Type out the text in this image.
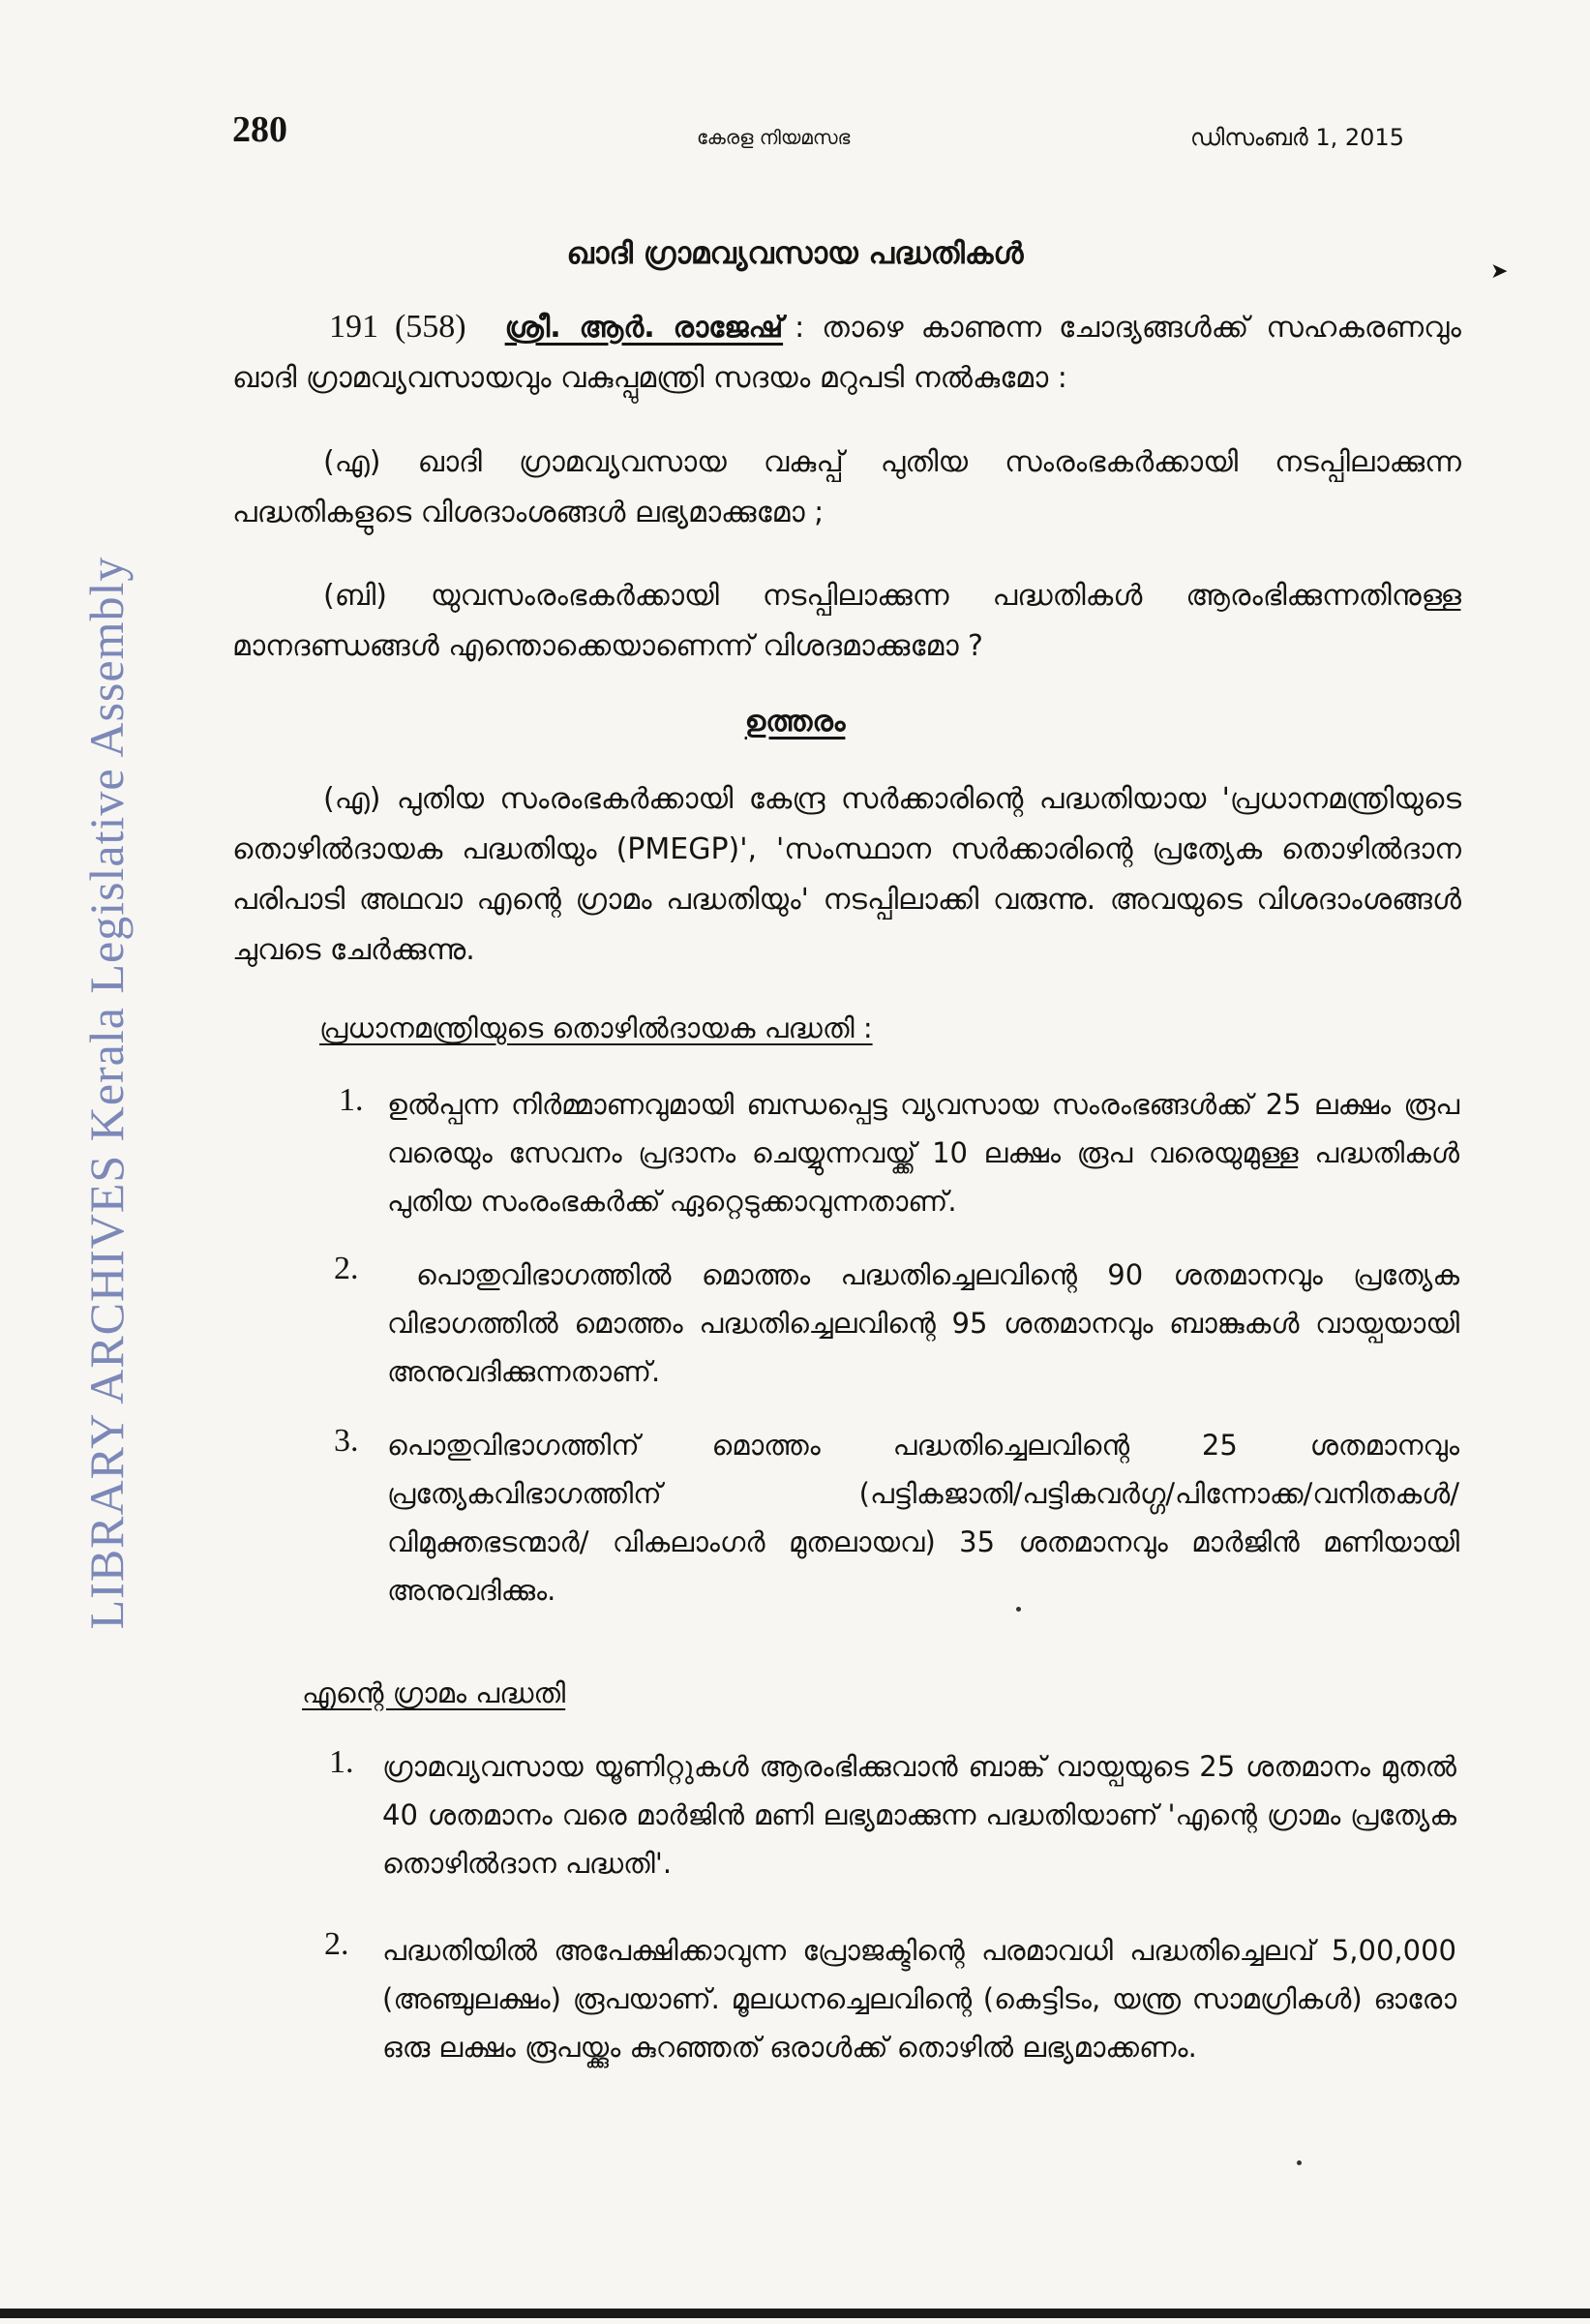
LIBRARY ARCHIVES Kerala Legislative Assembly
280	കേരള നിയമസഭ	ഡിസംബർ 1, 2015
ഖാദി ഗ്രാമവ്യവസായ പദ്ധതികൾ
➤
191 (558) ശ്രീ. ആർ. രാജേഷ് : താഴെ കാണുന്ന ചോദ്യങ്ങൾക്ക് സഹകരണവും ഖാദി ഗ്രാമവ്യവസായവും വകുപ്പുമന്ത്രി സദയം മറുപടി നൽകുമോ :
(എ) ഖാദി ഗ്രാമവ്യവസായ വകുപ്പ് പുതിയ സംരംഭകർക്കായി നടപ്പിലാക്കുന്ന പദ്ധതികളുടെ വിശദാംശങ്ങൾ ലഭ്യമാക്കുമോ ;
(ബി) യുവസംരംഭകർക്കായി നടപ്പിലാക്കുന്ന പദ്ധതികൾ ആരംഭിക്കുന്നതിനുള്ള മാനദണ്ഡങ്ങൾ എന്തൊക്കെയാണെന്ന് വിശദമാക്കുമോ ?
ഉത്തരം
(എ) പുതിയ സംരംഭകർക്കായി കേന്ദ്ര സർക്കാരിന്റെ പദ്ധതിയായ 'പ്രധാനമന്ത്രിയുടെ തൊഴിൽദായക പദ്ധതിയും (PMEGP)', 'സംസ്ഥാന സർക്കാരിന്റെ പ്രത്യേക തൊഴിൽദാന പരിപാടി അഥവാ എന്റെ ഗ്രാമം പദ്ധതിയും' നടപ്പിലാക്കി വരുന്നു. അവയുടെ വിശദാംശങ്ങൾ ചുവടെ ചേർക്കുന്നു.
പ്രധാനമന്ത്രിയുടെ തൊഴിൽദായക പദ്ധതി :
1. ഉൽപ്പന്ന നിർമ്മാണവുമായി ബന്ധപ്പെട്ട വ്യവസായ സംരംഭങ്ങൾക്ക് 25 ലക്ഷം രൂപ വരെയും സേവനം പ്രദാനം ചെയ്യുന്നവയ്ക്ക് 10 ലക്ഷം രൂപ വരെയുമുള്ള പദ്ധതികൾ പുതിയ സംരംഭകർക്ക് ഏറ്റെടുക്കാവുന്നതാണ്.
2.	പൊതുവിഭാഗത്തിൽ മൊത്തം പദ്ധതിച്ചെലവിന്റെ 90 ശതമാനവും പ്രത്യേക വിഭാഗത്തിൽ മൊത്തം പദ്ധതിച്ചെലവിന്റെ 95 ശതമാനവും ബാങ്കുകൾ വായ്പയായി അനുവദിക്കുന്നതാണ്.
3. പൊതുവിഭാഗത്തിന് മൊത്തം പദ്ധതിച്ചെലവിന്റെ 25 ശതമാനവും പ്രത്യേകവിഭാഗത്തിന് (പട്ടികജാതി/പട്ടികവർഗ്ഗ/പിന്നോക്ക/വനിതകൾ/ വിമുക്തഭടന്മാർ/ വികലാംഗർ മുതലായവ) 35 ശതമാനവും മാർജിൻ മണിയായി അനുവദിക്കും.
എന്റെ ഗ്രാമം പദ്ധതി
1. ഗ്രാമവ്യവസായ യൂണിറ്റുകൾ ആരംഭിക്കുവാൻ ബാങ്ക് വായ്പയുടെ 25 ശതമാനം മുതൽ 40 ശതമാനം വരെ മാർജിൻ മണി ലഭ്യമാക്കുന്ന പദ്ധതിയാണ് 'എന്റെ ഗ്രാമം പ്രത്യേക തൊഴിൽദാന പദ്ധതി'.
2. പദ്ധതിയിൽ അപേക്ഷിക്കാവുന്ന പ്രോജക്ടിന്റെ പരമാവധി പദ്ധതിച്ചെലവ് 5,00,000 (അഞ്ചുലക്ഷം) രൂപയാണ്. മൂലധനച്ചെലവിന്റെ (കെട്ടിടം, യന്ത്ര സാമഗ്രികൾ) ഓരോ ഒരു ലക്ഷം രൂപയ്ക്കും കുറഞ്ഞത് ഒരാൾക്ക് തൊഴിൽ ലഭ്യമാക്കണം.
